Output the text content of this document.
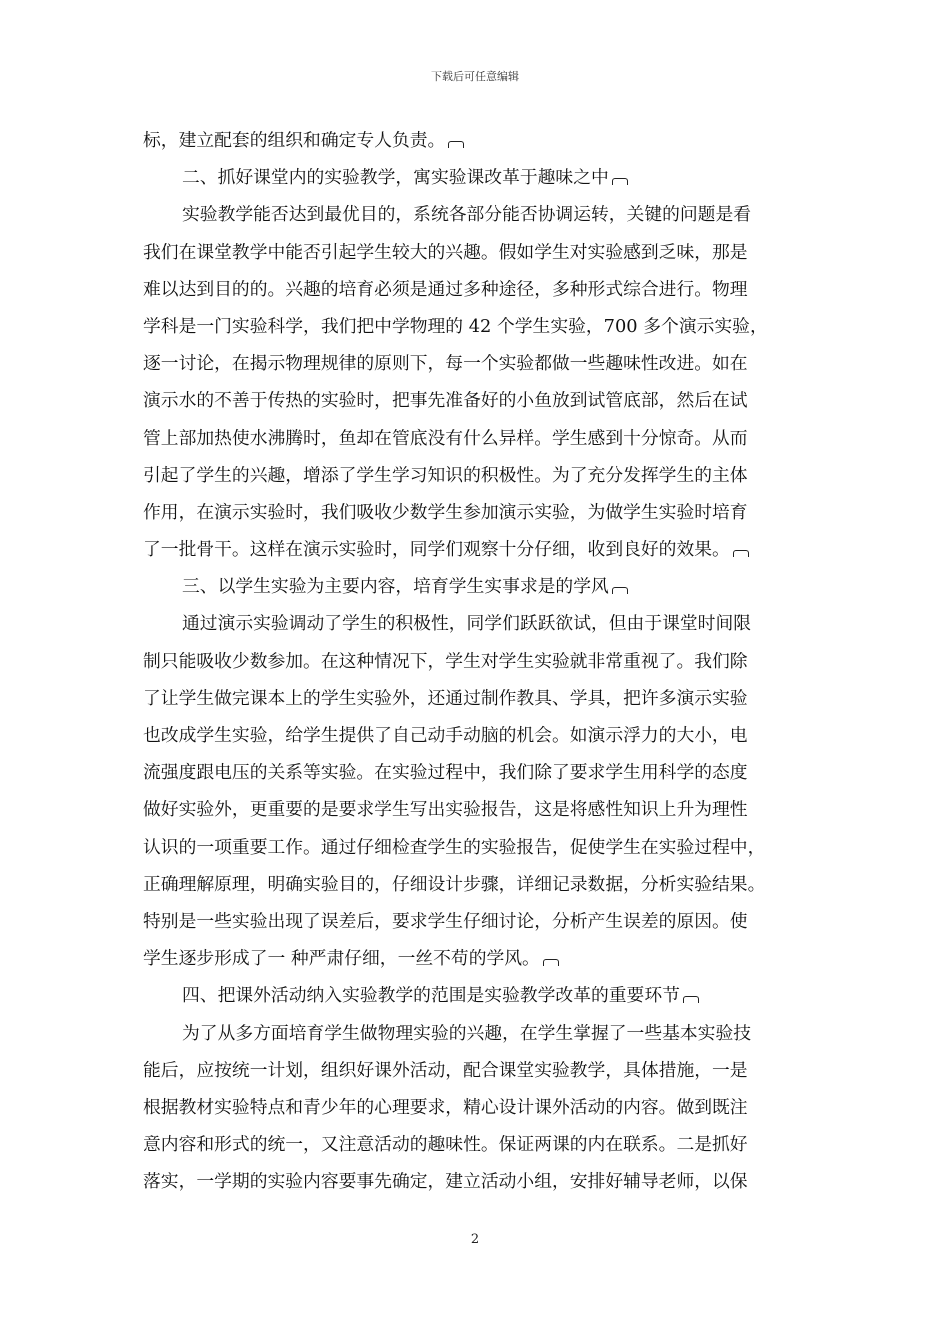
下载后可任意编辑
标，建立配套的组织和确定专人负责。
二、抓好课堂内的实验教学，寓实验课改革于趣味之中
实验教学能否达到最优目的，系统各部分能否协调运转，关键的问题是看
我们在课堂教学中能否引起学生较大的兴趣。假如学生对实验感到乏味，那是
难以达到目的的。兴趣的培育必须是通过多种途径，多种形式综合进行。物理
学科是一门实验科学，我们把中学物理的 42 个学生实验，700 多个演示实验，
逐一讨论，在揭示物理规律的原则下，每一个实验都做一些趣味性改进。如在
演示水的不善于传热的实验时，把事先准备好的小鱼放到试管底部，然后在试
管上部加热使水沸腾时，鱼却在管底没有什么异样。学生感到十分惊奇。从而
引起了学生的兴趣，增添了学生学习知识的积极性。为了充分发挥学生的主体
作用，在演示实验时，我们吸收少数学生参加演示实验，为做学生实验时培育
了一批骨干。这样在演示实验时，同学们观察十分仔细，收到良好的效果。
三、以学生实验为主要内容，培育学生实事求是的学风
通过演示实验调动了学生的积极性，同学们跃跃欲试，但由于课堂时间限
制只能吸收少数参加。在这种情况下，学生对学生实验就非常重视了。我们除
了让学生做完课本上的学生实验外，还通过制作教具、学具，把许多演示实验
也改成学生实验，给学生提供了自己动手动脑的机会。如演示浮力的大小，电
流强度跟电压的关系等实验。在实验过程中，我们除了要求学生用科学的态度
做好实验外，更重要的是要求学生写出实验报告，这是将感性知识上升为理性
认识的一项重要工作。通过仔细检查学生的实验报告，促使学生在实验过程中，
正确理解原理，明确实验目的，仔细设计步骤，详细记录数据，分析实验结果。
特别是一些实验出现了误差后，要求学生仔细讨论，分析产生误差的原因。使
学生逐步形成了一 种严肃仔细，一丝不苟的学风。
四、把课外活动纳入实验教学的范围是实验教学改革的重要环节
为了从多方面培育学生做物理实验的兴趣，在学生掌握了一些基本实验技
能后，应按统一计划，组织好课外活动，配合课堂实验教学，具体措施，一是
根据教材实验特点和青少年的心理要求，精心设计课外活动的内容。做到既注
意内容和形式的统一，又注意活动的趣味性。保证两课的内在联系。二是抓好
落实，一学期的实验内容要事先确定，建立活动小组，安排好辅导老师，以保
2
